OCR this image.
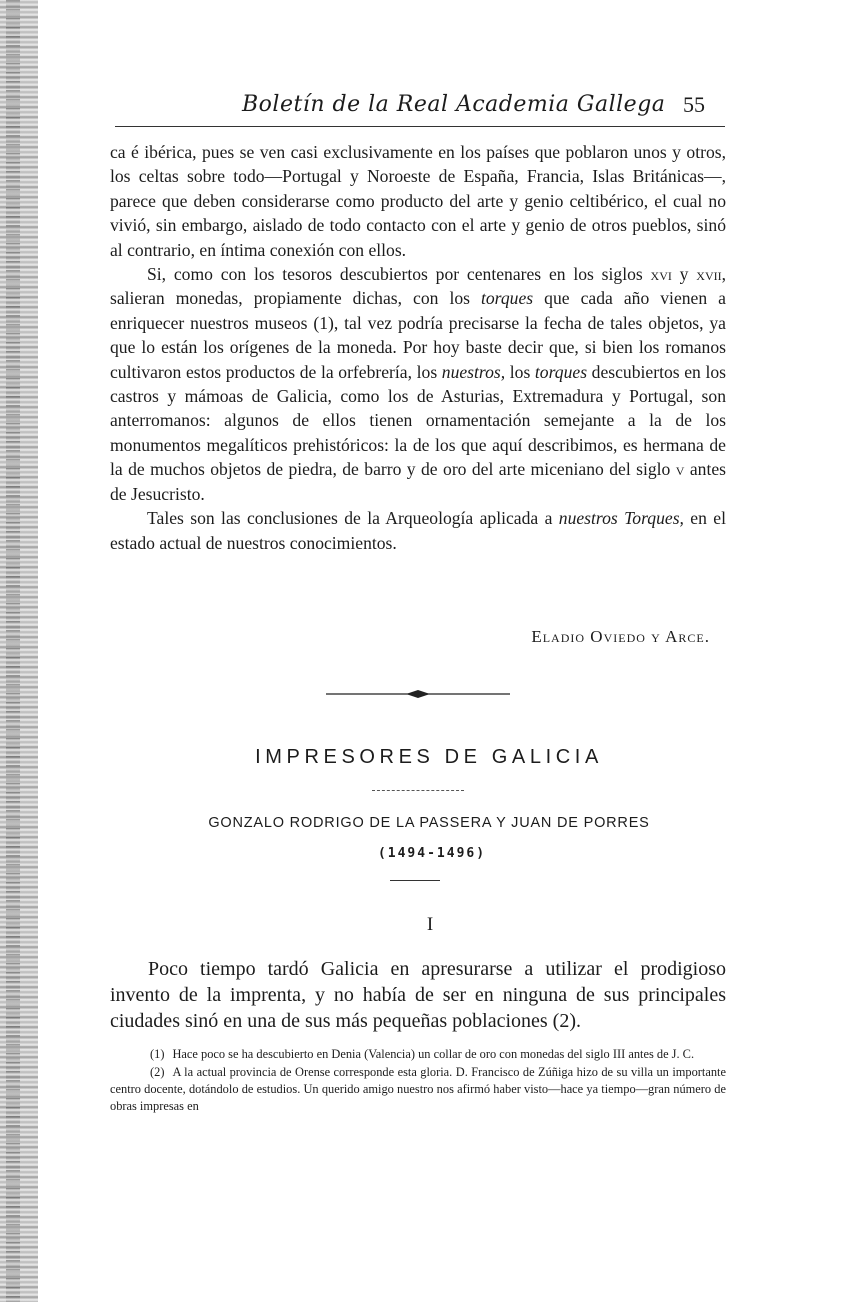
Boletín de la Real Academia Gallega 55

ca é ibérica, pues se ven casi exclusivamente en los países que poblaron unos y otros, los celtas sobre todo—Portugal y Noroeste de España, Francia, Islas Británicas—, parece que deben considerarse como producto del arte y genio celtibérico, el cual no vivió, sin embargo, aislado de todo contacto con el arte y genio de otros pueblos, sinó al contrario, en íntima conexión con ellos.

Si, como con los tesoros descubiertos por centenares en los siglos xvi y xvii, salieran monedas, propiamente dichas, con los torques que cada año vienen a enriquecer nuestros museos (1), tal vez podría precisarse la fecha de tales objetos, ya que lo están los orígenes de la moneda. Por hoy baste decir que, si bien los romanos cultivaron estos productos de la orfebrería, los nuestros, los torques descubiertos en los castros y mámoas de Galicia, como los de Asturias, Extremadura y Portugal, son anterromanos: algunos de ellos tienen ornamentación semejante a la de los monumentos megalíticos prehistóricos: la de los que aquí describimos, es hermana de la de muchos objetos de piedra, de barro y de oro del arte miceniano del siglo v antes de Jesucristo.

Tales son las conclusiones de la Arqueología aplicada a nuestros Torques, en el estado actual de nuestros conocimientos.

Eladio Oviedo y Arce.
IMPRESORES DE GALICIA
GONZALO RODRIGO DE LA PASSERA Y JUAN DE PORRES
(1494-1496)
I

Poco tiempo tardó Galicia en apresurarse a utilizar el prodigioso invento de la imprenta, y no había de ser en ninguna de sus principales ciudades sinó en una de sus más pequeñas poblaciones (2).

(1) Hace poco se ha descubierto en Denia (Valencia) un collar de oro con monedas del siglo III antes de J. C.

(2) A la actual provincia de Orense corresponde esta gloria. D. Francisco de Zúñiga hizo de su villa un importante centro docente, dotándolo de estudios. Un querido amigo nuestro nos afirmó haber visto—hace ya tiempo—gran número de obras impresas en
